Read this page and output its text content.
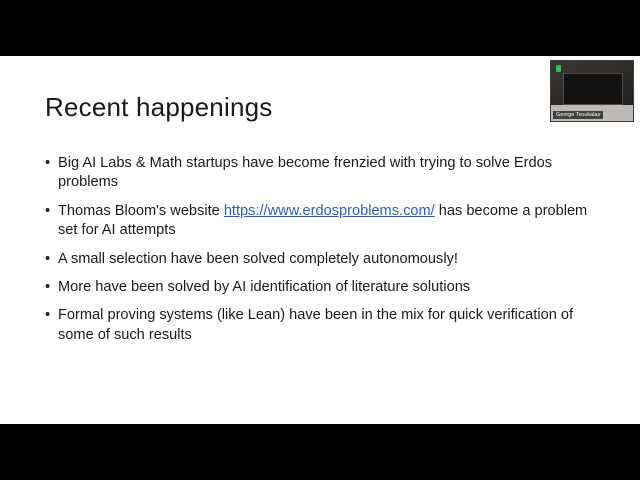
Recent happenings
• Big AI Labs & Math startups have become frenzied with trying to solve Erdos problems
• Thomas Bloom's website https://www.erdosproblems.com/ has become a problem set for AI attempts
• A small selection have been solved completely autonomously!
• More have been solved by AI identification of literature solutions
• Formal proving systems (like Lean) have been in the mix for quick verification of some of such results
George Tsoukalas
